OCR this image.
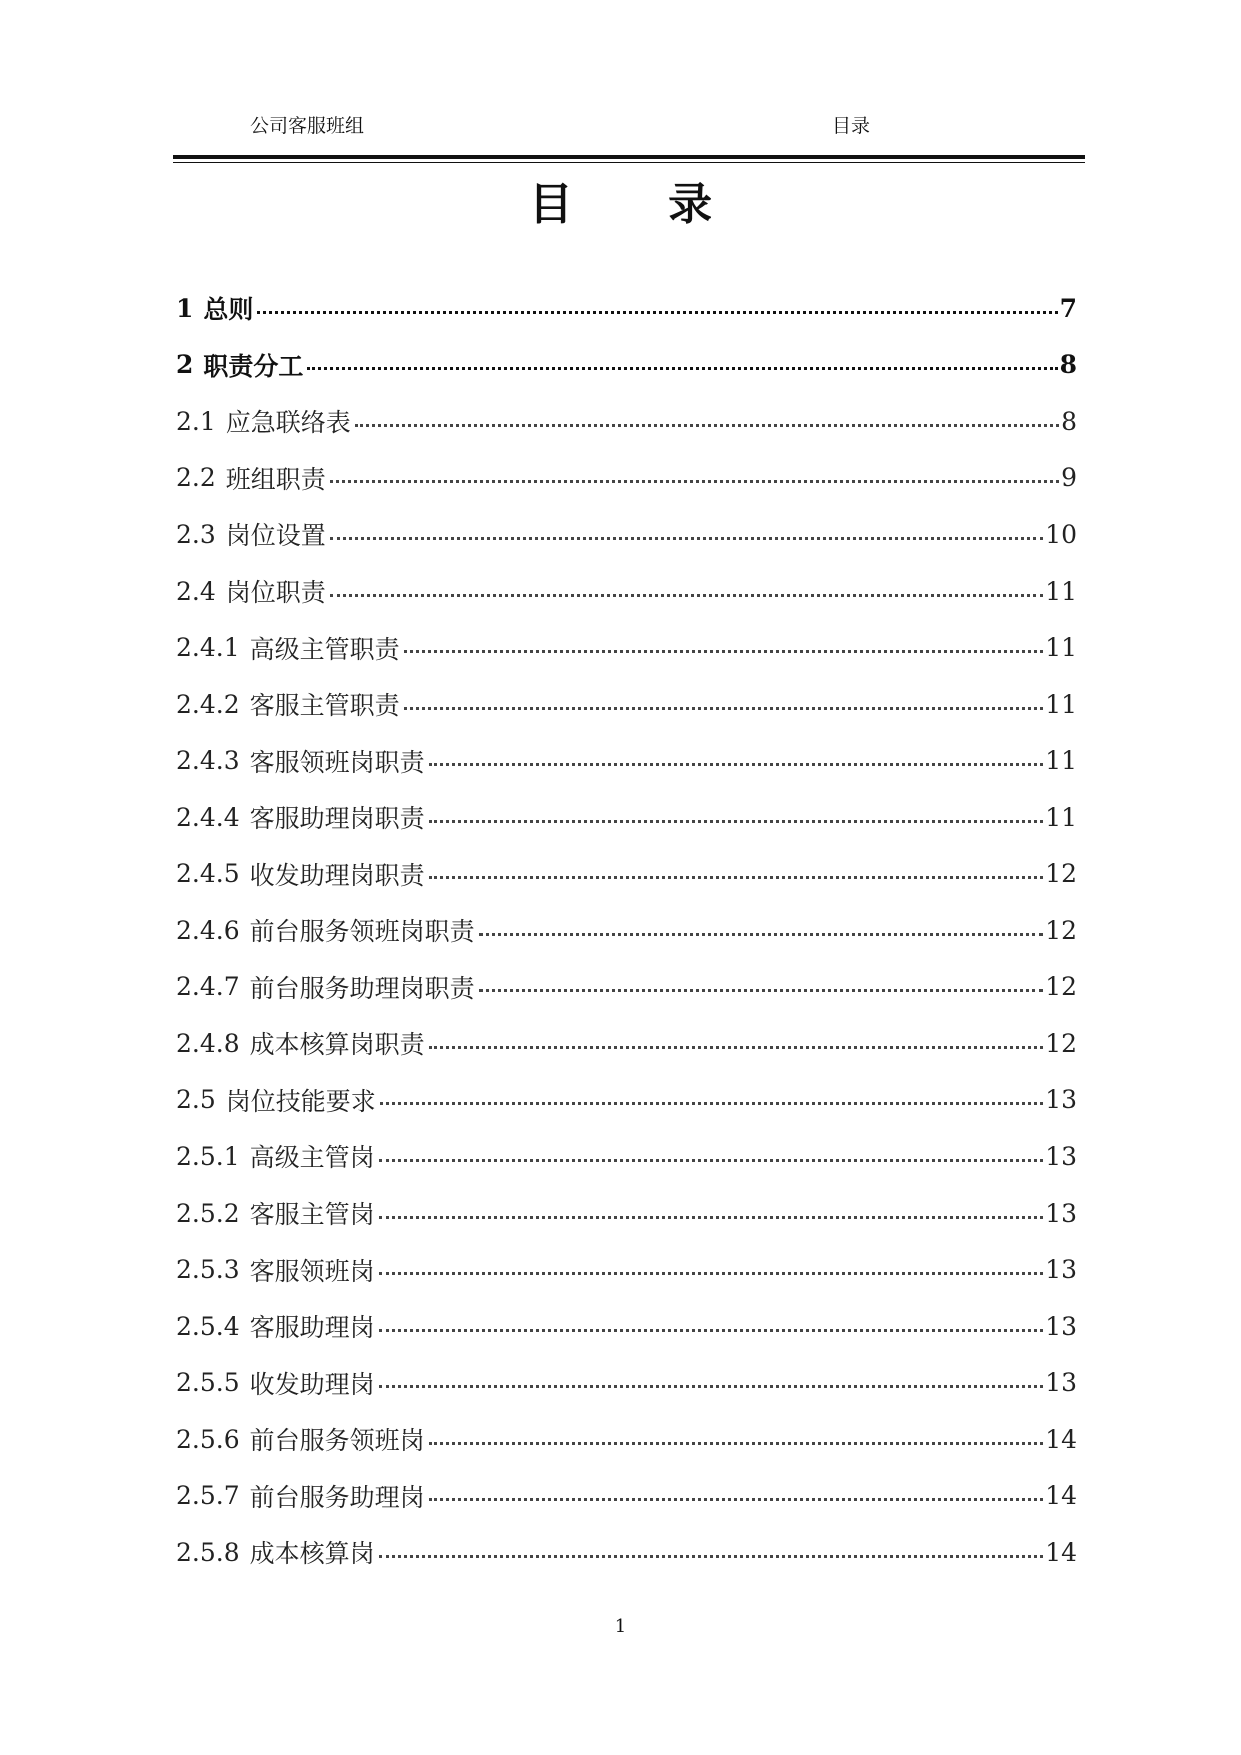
公司客服班组	目录
目 录
1 总则	7
2 职责分工	8
2.1 应急联络表	8
2.2 班组职责	9
2.3 岗位设置	10
2.4 岗位职责	11
2.4.1 高级主管职责	11
2.4.2 客服主管职责	11
2.4.3 客服领班岗职责	11
2.4.4 客服助理岗职责	11
2.4.5 收发助理岗职责	12
2.4.6 前台服务领班岗职责	12
2.4.7 前台服务助理岗职责	12
2.4.8 成本核算岗职责	12
2.5 岗位技能要求	13
2.5.1 高级主管岗	13
2.5.2 客服主管岗	13
2.5.3 客服领班岗	13
2.5.4 客服助理岗	13
2.5.5 收发助理岗	13
2.5.6 前台服务领班岗	14
2.5.7 前台服务助理岗	14
2.5.8 成本核算岗	14
1
